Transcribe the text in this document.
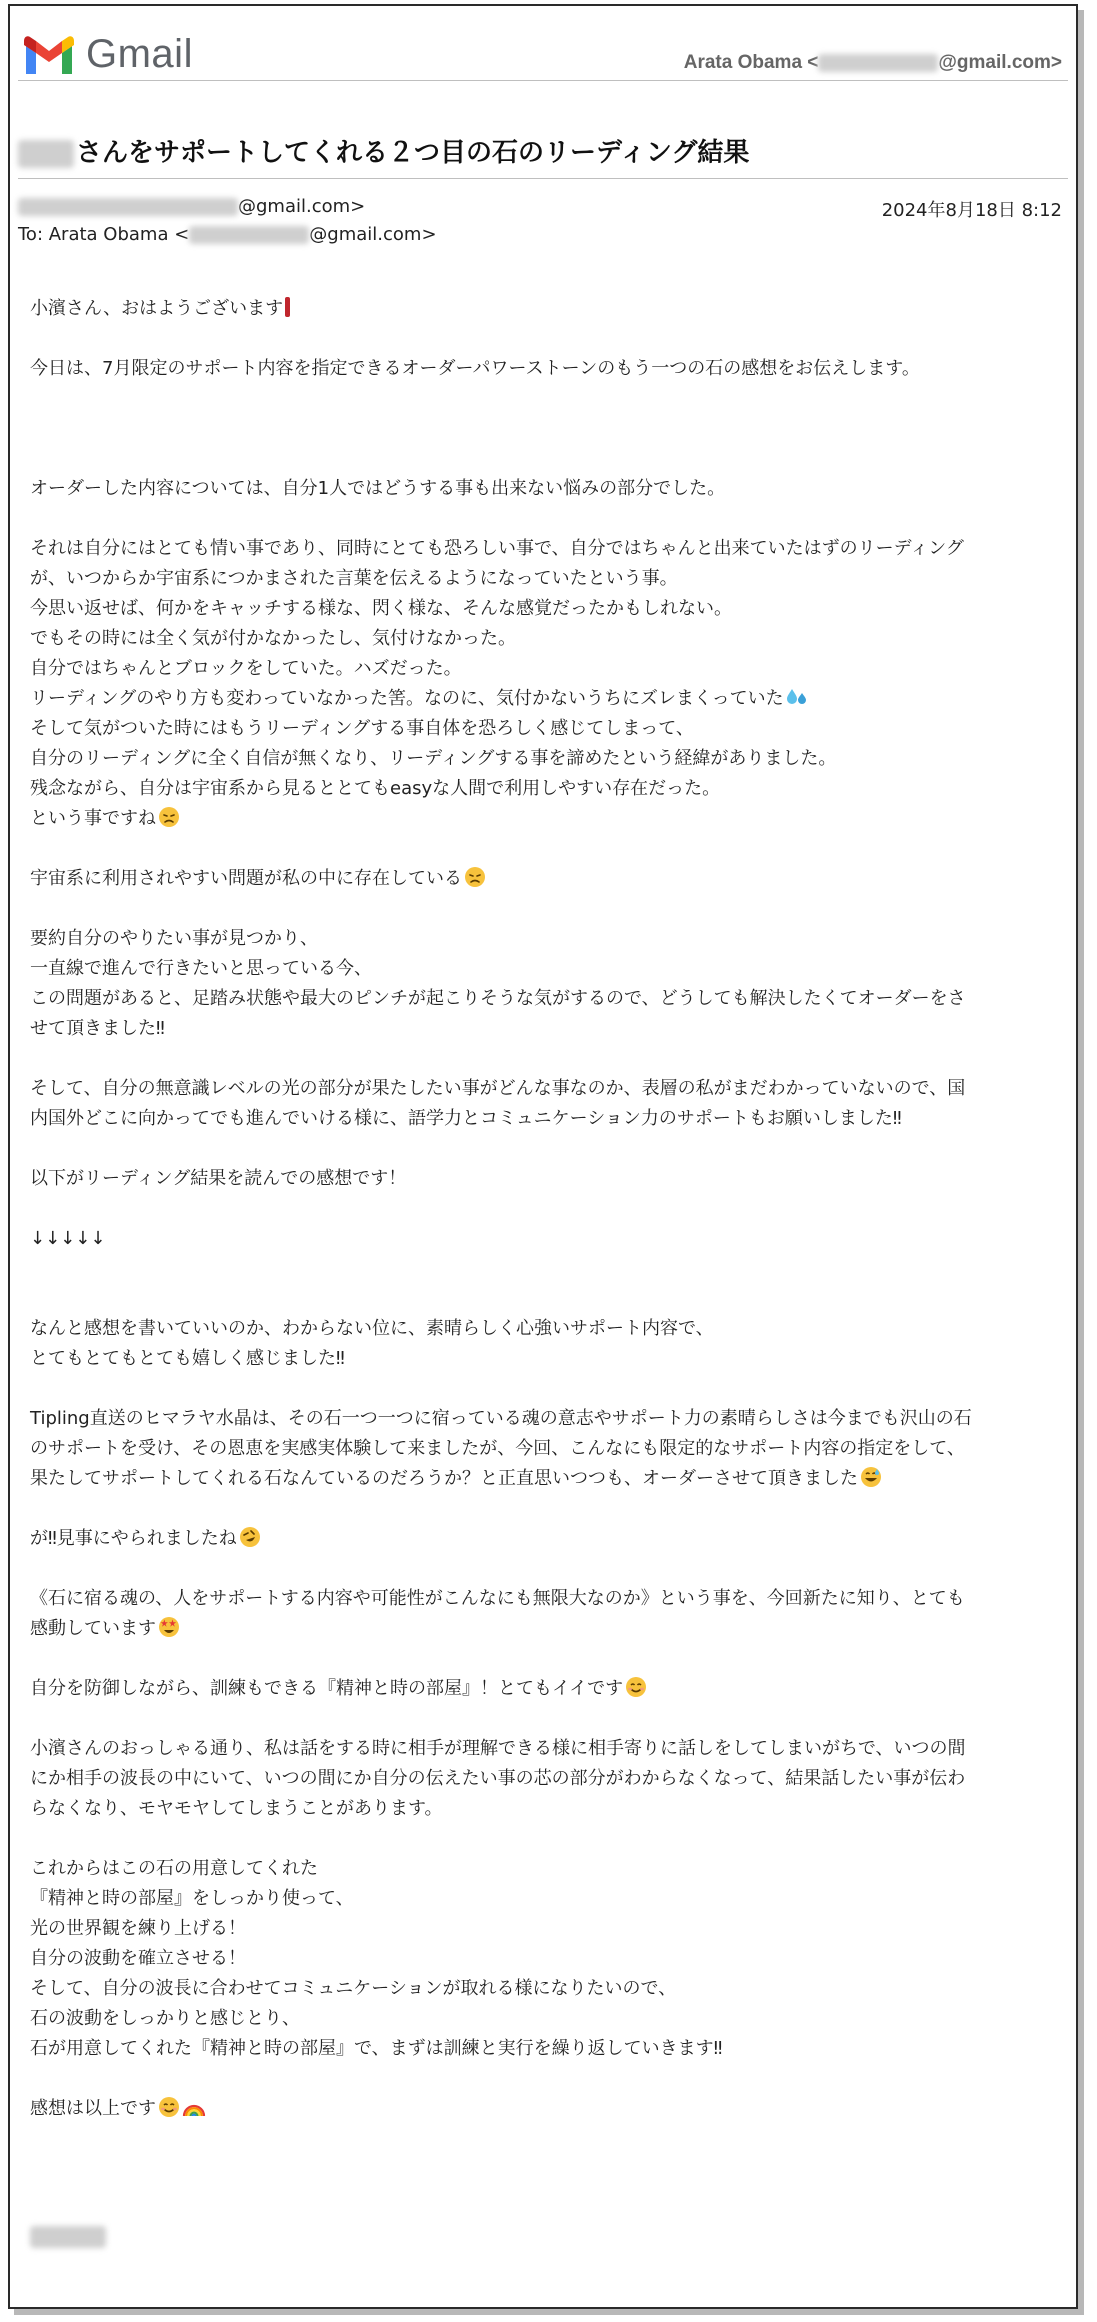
Gmail	Arata Obama <	@gmail.com>
さんをサポートしてくれる２つ目の石のリーディング結果
@gmail.com>	2024年8月18日 8:12
To: Arata Obama <	@gmail.com>
小濱さん、おはようございます
今日は、7月限定のサポート内容を指定できるオーダーパワーストーンのもう一つの石の感想をお伝えします。
オーダーした内容については、自分1人ではどうする事も出来ない悩みの部分でした。
それは自分にはとても情い事であり、同時にとても恐ろしい事で、自分ではちゃんと出来ていたはずのリーディング
が、いつからか宇宙系につかまされた言葉を伝えるようになっていたという事。
今思い返せば、何かをキャッチする様な、閃く様な、そんな感覚だったかもしれない。
でもその時には全く気が付かなかったし、気付けなかった。
自分ではちゃんとブロックをしていた。ハズだった。
リーディングのやり方も変わっていなかった筈。なのに、気付かないうちにズレまくっていた
そして気がついた時にはもうリーディングする事自体を恐ろしく感じてしまって、
自分のリーディングに全く自信が無くなり、リーディングする事を諦めたという経緯がありました。
残念ながら、自分は宇宙系から見るととてもeasyな人間で利用しやすい存在だった。
という事ですね
宇宙系に利用されやすい問題が私の中に存在している
要約自分のやりたい事が見つかり、
一直線で進んで行きたいと思っている今、
この問題があると、足踏み状態や最大のピンチが起こりそうな気がするので、どうしても解決したくてオーダーをさ
せて頂きました‼
そして、自分の無意識レベルの光の部分が果たしたい事がどんな事なのか、表層の私がまだわかっていないので、国
内国外どこに向かってでも進んでいける様に、語学力とコミュニケーション力のサポートもお願いしました‼
以下がリーディング結果を読んでの感想です！
↓↓↓↓↓
なんと感想を書いていいのか、わからない位に、素晴らしく心強いサポート内容で、
とてもとてもとても嬉しく感じました‼
Tipling直送のヒマラヤ水晶は、その石一つ一つに宿っている魂の意志やサポート力の素晴らしさは今までも沢山の石
のサポートを受け、その恩恵を実感実体験して来ましたが、今回、こんなにも限定的なサポート内容の指定をして、
果たしてサポートしてくれる石なんているのだろうか？と正直思いつつも、オーダーさせて頂きました
が‼見事にやられましたね
《石に宿る魂の、人をサポートする内容や可能性がこんなにも無限大なのか》という事を、今回新たに知り、とても
感動しています
自分を防御しながら、訓練もできる『精神と時の部屋』！とてもイイです
小濱さんのおっしゃる通り、私は話をする時に相手が理解できる様に相手寄りに話しをしてしまいがちで、いつの間
にか相手の波長の中にいて、いつの間にか自分の伝えたい事の芯の部分がわからなくなって、結果話したい事が伝わ
らなくなり、モヤモヤしてしまうことがあります。
これからはこの石の用意してくれた
『精神と時の部屋』をしっかり使って、
光の世界観を練り上げる！
自分の波動を確立させる！
そして、自分の波長に合わせてコミュニケーションが取れる様になりたいので、
石の波動をしっかりと感じとり、
石が用意してくれた『精神と時の部屋』で、まずは訓練と実行を繰り返していきます‼
感想は以上です
